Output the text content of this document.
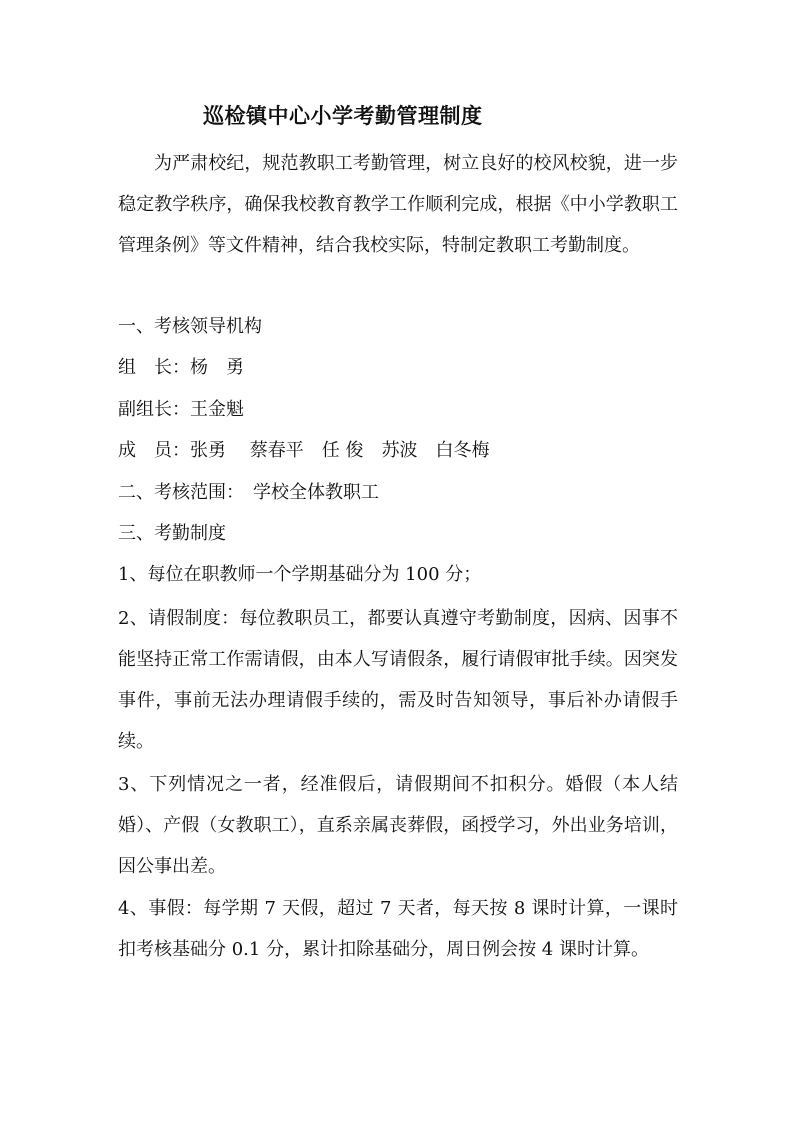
巡检镇中心小学考勤管理制度

为严肃校纪，规范教职工考勤管理，树立良好的校风校貌，进一步稳定教学秩序，确保我校教育教学工作顺利完成，根据《中小学教职工管理条例》等文件精神，结合我校实际，特制定教职工考勤制度。

一、考核领导机构

组　长：杨　勇

副组长：王金魁

成　员：张勇　 蔡春平　任 俊　苏波　白冬梅

二、考核范围：　学校全体教职工

三、考勤制度

1、每位在职教师一个学期基础分为 100 分；

2、请假制度：每位教职员工，都要认真遵守考勤制度，因病、因事不能坚持正常工作需请假，由本人写请假条，履行请假审批手续。因突发事件，事前无法办理请假手续的，需及时告知领导，事后补办请假手续。

3、下列情况之一者，经准假后，请假期间不扣积分。婚假（本人结婚）、产假（女教职工），直系亲属丧葬假，函授学习，外出业务培训，因公事出差。

4、事假：每学期 7 天假，超过 7 天者，每天按 8 课时计算，一课时扣考核基础分 0.1 分，累计扣除基础分，周日例会按 4 课时计算。
